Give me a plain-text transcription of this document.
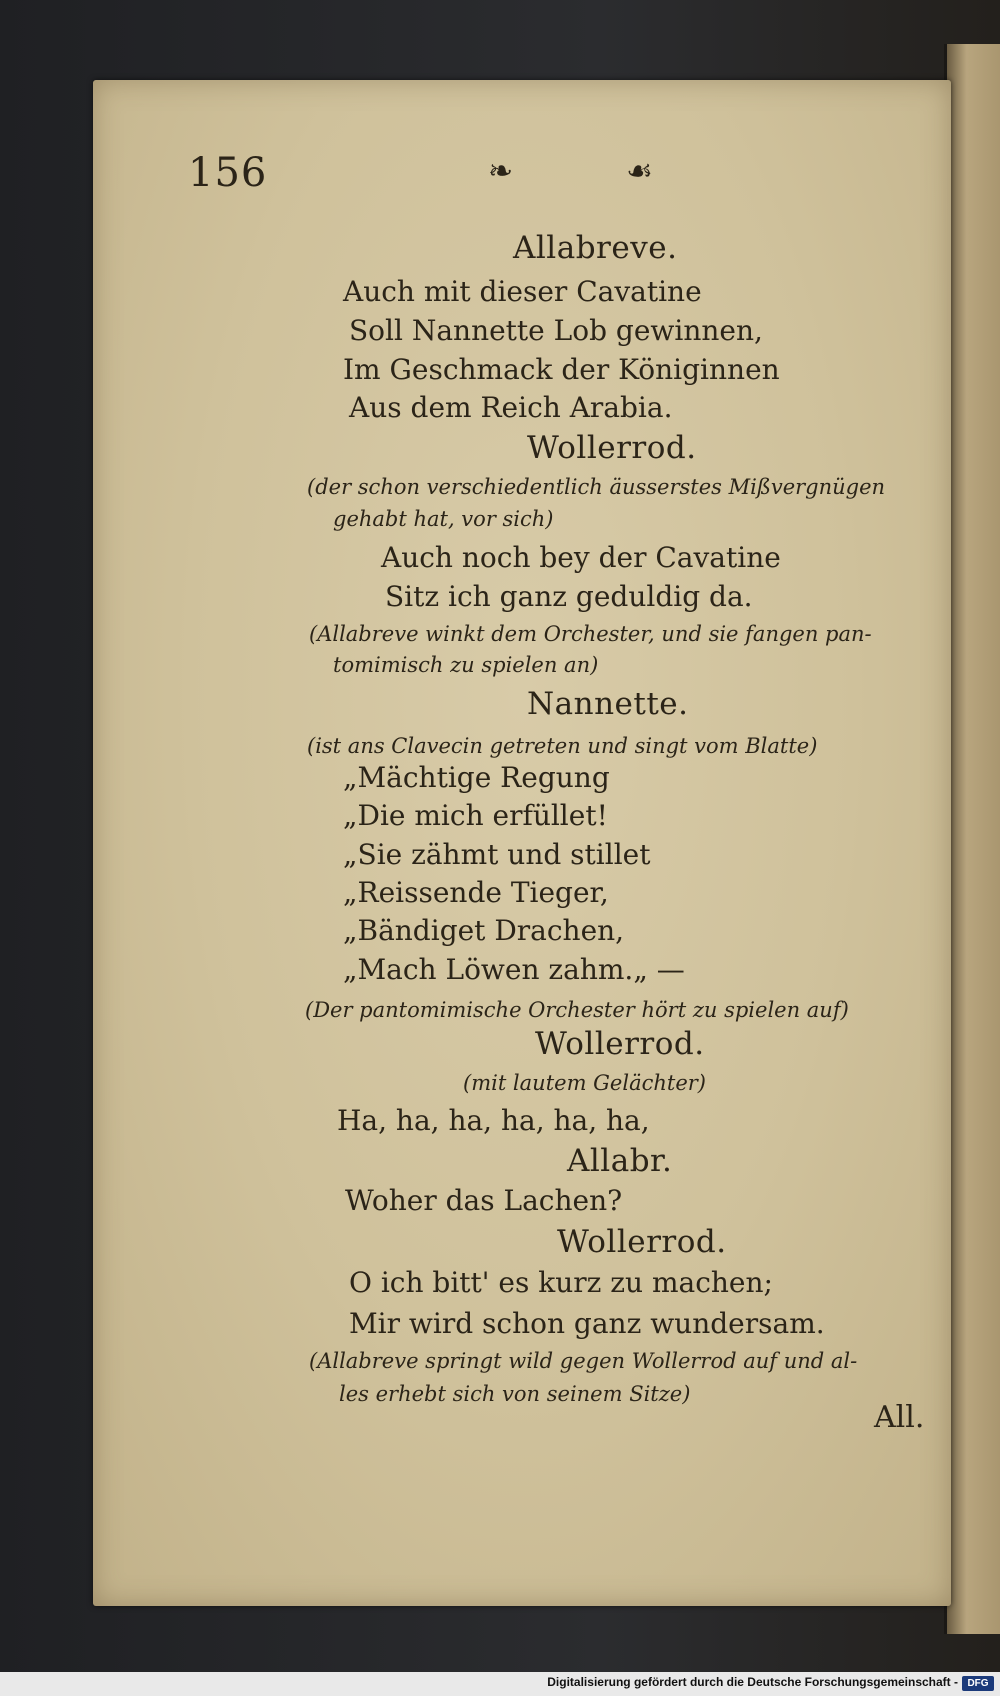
156	❧	☙
Allabreve.
Auch mit dieser Cavatine
Soll Nannette Lob gewinnen,
Im Geschmack der Königinnen
Aus dem Reich Arabia.
Wollerrod.
(der schon verschiedentlich äusserstes Mißvergnügen
gehabt hat, vor sich)
Auch noch bey der Cavatine
Sitz ich ganz geduldig da.
(Allabreve winkt dem Orchester, und sie fangen pan-
tomimisch zu spielen an)
Nannette.
(ist ans Clavecin getreten und singt vom Blatte)
„Mächtige Regung
„Die mich erfüllet!
„Sie zähmt und stillet
„Reissende Tieger,
„Bändiget Drachen,
„Mach Löwen zahm.„ —
(Der pantomimische Orchester hört zu spielen auf)
Wollerrod.
(mit lautem Gelächter)
Ha, ha, ha, ha, ha, ha,
Allabr.
Woher das Lachen?
Wollerrod.
O ich bitt' es kurz zu machen;
Mir wird schon ganz wundersam.
(Allabreve springt wild gegen Wollerrod auf und al-
les erhebt sich von seinem Sitze)
All.
Digitalisierung gefördert durch die Deutsche Forschungsgemeinschaft - DFG
